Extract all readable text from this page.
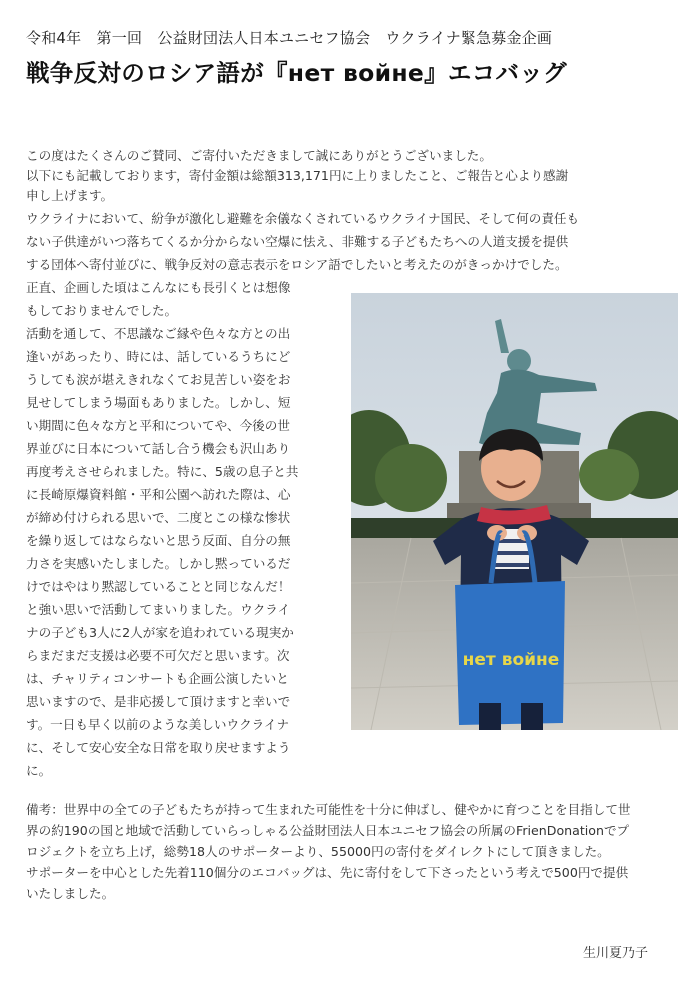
令和4年　第一回　公益財団法人日本ユニセフ協会　ウクライナ緊急募金企画
戦争反対のロシア語が『нет войне』エコバッグ
この度はたくさんのご賛同、ご寄付いただきまして誠にありがとうございました。
以下にも記載しております，寄付金額は総額313,171円に上りましたこと、ご報告と心より感謝
申し上げます。
ウクライナにおいて、紛争が激化し避難を余儀なくされているウクライナ国民、そして何の責任も
ない子供達がいつ落ちてくるか分からない空爆に怯え、非難する子どもたちへの人道支援を提供
する団体へ寄付並びに、戦争反対の意志表示をロシア語でしたいと考えたのがきっかけでした。
正直、企画した頃はこんなにも長引くとは想像
もしておりませんでした。
活動を通して、不思議なご縁や色々な方との出
逢いがあったり、時には、話しているうちにど
うしても涙が堪えきれなくてお見苦しい姿をお
見せしてしまう場面もありました。しかし、短
い期間に色々な方と平和についてや、今後の世
界並びに日本について話し合う機会も沢山あり
再度考えさせられました。特に、5歳の息子と共
に長崎原爆資料館・平和公園へ訪れた際は、心
が締め付けられる思いで、二度とこの様な惨状
を繰り返してはならないと思う反面、自分の無
力さを実感いたしました。しかし黙っているだ
けではやはり黙認していることと同じなんだ！
と強い思いで活動してまいりました。ウクライ
ナの子ども3人に2人が家を追われている現実か
らまだまだ支援は必要不可欠だと思います。次
は、チャリティコンサートも企画公演したいと
思いますので、是非応援して頂けますと幸いで
す。一日も早く以前のような美しいウクライナ
に、そして安心安全な日常を取り戻せますよう
に。
нет войне
備考：世界中の全ての子どもたちが持って生まれた可能性を十分に伸ばし、健やかに育つことを目指して世
界の約190の国と地域で活動していらっしゃる公益財団法人日本ユニセフ協会の所属のFrienDonationでプ
ロジェクトを立ち上げ，総勢18人のサポーターより、55000円の寄付をダイレクトにして頂きました。
サポーターを中心とした先着110個分のエコバッグは、先に寄付をして下さったという考えで500円で提供
いたしました。
生川夏乃子
